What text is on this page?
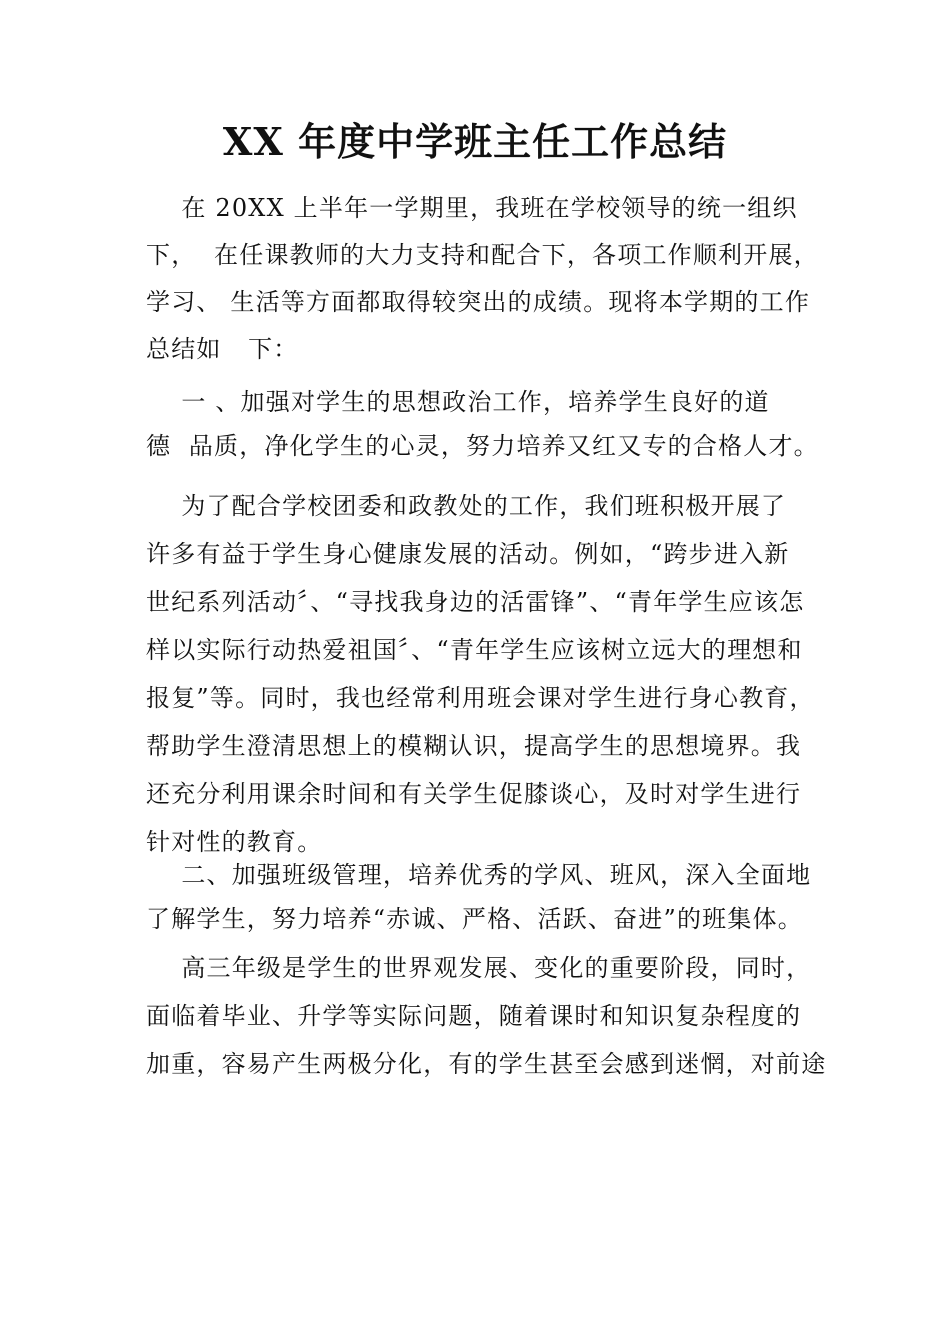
XX 年度中学班主任工作总结
在 20XX 上半年一学期里，我班在学校领导的统一组织
下，  在任课教师的大力支持和配合下，各项工作顺利开展，
学习、 生活等方面都取得较突出的成绩。现将本学期的工作
总结如   下：
一 、加强对学生的思想政治工作，培养学生良好的道
德  品质，净化学生的心灵，努力培养又红又专的合格人才。
为了配合学校团委和政教处的工作，我们班积极开展了
许多有益于学生身心健康发展的活动。例如，“跨步进入新
世纪系列活动〞、“寻找我身边的活雷锋”、“青年学生应该怎
样以实际行动热爱祖国〞、“青年学生应该树立远大的理想和
报复”等。同时，我也经常利用班会课对学生进行身心教育，
帮助学生澄清思想上的模糊认识，提高学生的思想境界。我
还充分利用课余时间和有关学生促膝谈心，及时对学生进行
针对性的教育。
二、加强班级管理，培养优秀的学风、班风，深入全面地
了解学生，努力培养“赤诚、严格、活跃、奋进”的班集体。
高三年级是学生的世界观发展、变化的重要阶段，同时，
面临着毕业、升学等实际问题，随着课时和知识复杂程度的
加重，容易产生两极分化，有的学生甚至会感到迷惘，对前途
